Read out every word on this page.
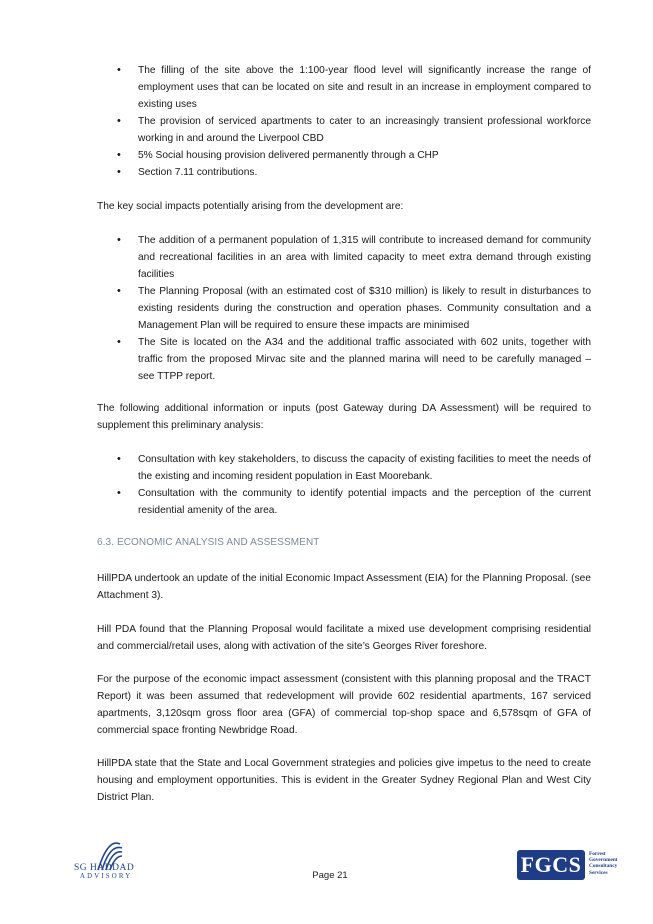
• The filling of the site above the 1:100-year flood level will significantly increase the range of employment uses that can be located on site and result in an increase in employment compared to existing uses
• The provision of serviced apartments to cater to an increasingly transient professional workforce working in and around the Liverpool CBD
• 5% Social housing provision delivered permanently through a CHP
• Section 7.11 contributions.

The key social impacts potentially arising from the development are:

• The addition of a permanent population of 1,315 will contribute to increased demand for community and recreational facilities in an area with limited capacity to meet extra demand through existing facilities
• The Planning Proposal (with an estimated cost of $310 million) is likely to result in disturbances to existing residents during the construction and operation phases. Community consultation and a Management Plan will be required to ensure these impacts are minimised
• The Site is located on the A34 and the additional traffic associated with 602 units, together with traffic from the proposed Mirvac site and the planned marina will need to be carefully managed – see TTPP report.

The following additional information or inputs (post Gateway during DA Assessment) will be required to supplement this preliminary analysis:

• Consultation with key stakeholders, to discuss the capacity of existing facilities to meet the needs of the existing and incoming resident population in East Moorebank.
• Consultation with the community to identify potential impacts and the perception of the current residential amenity of the area.
6.3. ECONOMIC ANALYSIS AND ASSESSMENT

HillPDA undertook an update of the initial Economic Impact Assessment (EIA) for the Planning Proposal. (see Attachment 3).

Hill PDA found that the Planning Proposal would facilitate a mixed use development comprising residential and commercial/retail uses, along with activation of the site’s Georges River foreshore.

For the purpose of the economic impact assessment (consistent with this planning proposal and the TRACT Report) it was been assumed that redevelopment will provide 602 residential apartments, 167 serviced apartments, 3,120sqm gross floor area (GFA) of commercial top-shop space and 6,578sqm of GFA of commercial space fronting Newbridge Road.

HillPDA state that the State and Local Government strategies and policies give impetus to the need to create housing and employment opportunities. This is evident in the Greater Sydney Regional Plan and West City District Plan.

SG HADDAD
ADVISORY	Page 21	FGCS	Forrest
Government
Consultancy
Services
